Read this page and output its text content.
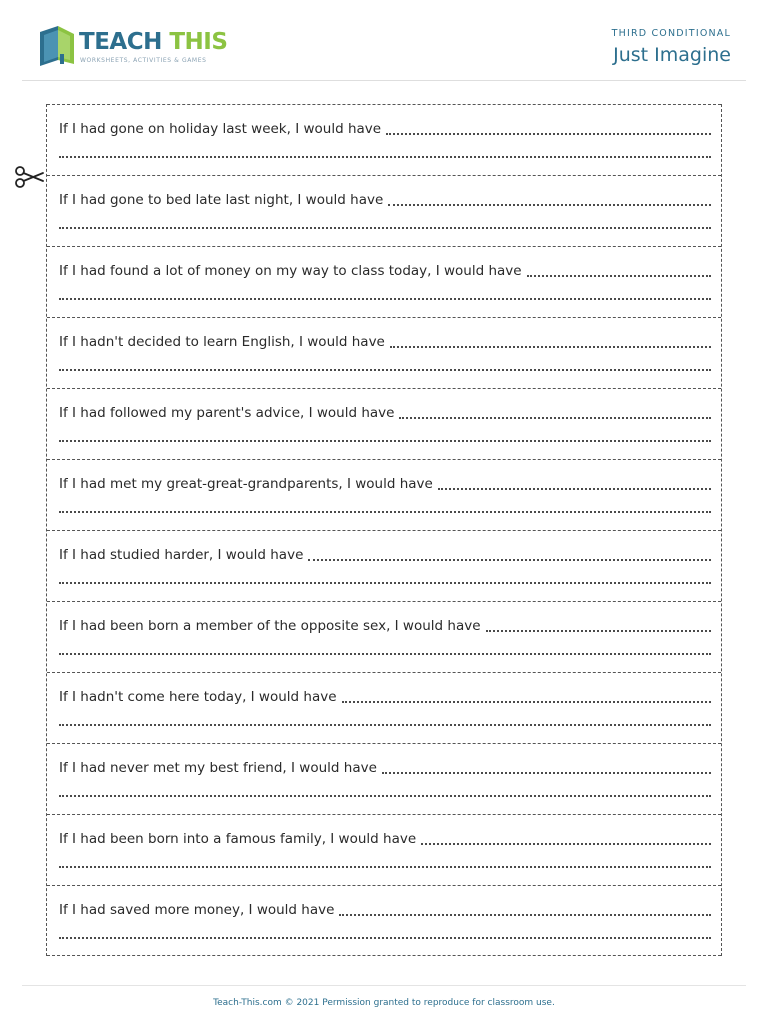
TEACH THIS
WORKSHEETS, ACTIVITIES & GAMES
THIRD CONDITIONAL
Just Imagine
If I had gone on holiday last week, I would have
If I had gone to bed late last night, I would have
If I had found a lot of money on my way to class today, I would have
If I hadn't decided to learn English, I would have
If I had followed my parent's advice, I would have
If I had met my great-great-grandparents, I would have
If I had studied harder, I would have
If I had been born a member of the opposite sex, I would have
If I hadn't come here today, I would have
If I had never met my best friend, I would have
If I had been born into a famous family, I would have
If I had saved more money, I would have
Teach-This.com © 2021 Permission granted to reproduce for classroom use.
